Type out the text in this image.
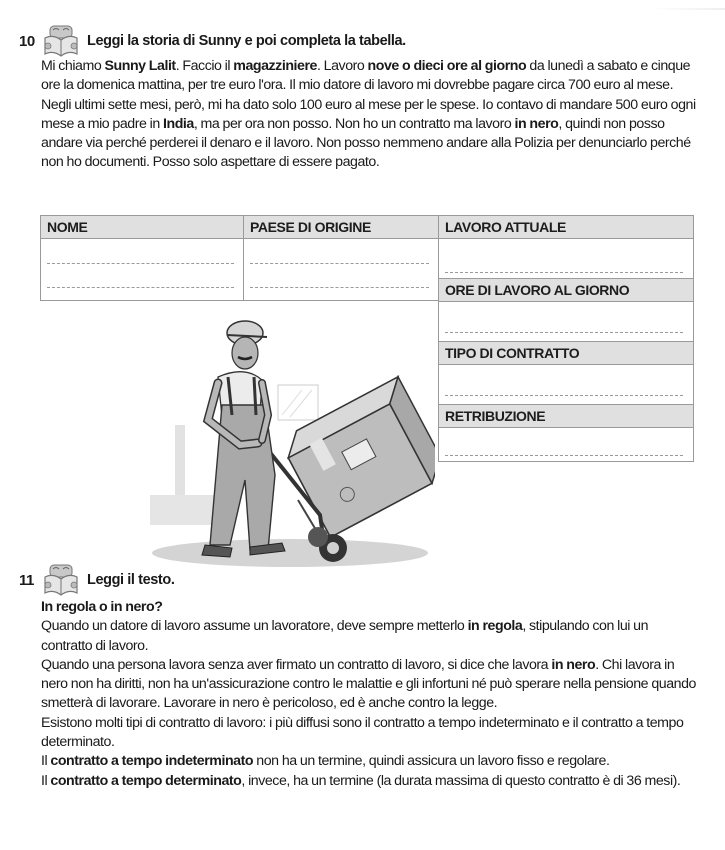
10	Leggi la storia di Sunny e poi completa la tabella.
Mi chiamo Sunny Lalit. Faccio il magazziniere. Lavoro nove o dieci ore al giorno da lunedì a sabato e cinque ore la domenica mattina, per tre euro l'ora. Il mio datore di lavoro mi dovrebbe pagare circa 700 euro al mese. Negli ultimi sette mesi, però, mi ha dato solo 100 euro al mese per le spese. Io contavo di mandare 500 euro ogni mese a mio padre in India, ma per ora non posso. Non ho un contratto ma lavoro in nero, quindi non posso andare via perché perderei il denaro e il lavoro. Non posso nemmeno andare alla Polizia per denunciarlo perché non ho documenti. Posso solo aspettare di essere pagato.
NOME	PAESE DI ORIGINE	LAVORO ATTUALE
ORE DI LAVORO AL GIORNO
TIPO DI CONTRATTO
RETRIBUZIONE
11	Leggi il testo.

In regola o in nero?

Quando un datore di lavoro assume un lavoratore, deve sempre metterlo in regola, stipulando con lui un contratto di lavoro.

Quando una persona lavora senza aver firmato un contratto di lavoro, si dice che lavora in nero. Chi lavora in nero non ha diritti, non ha un'assicurazione contro le malattie e gli infortuni né può sperare nella pensione quando smetterà di lavorare. Lavorare in nero è pericoloso, ed è anche contro la legge.

Esistono molti tipi di contratto di lavoro: i più diffusi sono il contratto a tempo indeterminato e il contratto a tempo determinato.

Il contratto a tempo indeterminato non ha un termine, quindi assicura un lavoro fisso e regolare.

Il contratto a tempo determinato, invece, ha un termine (la durata massima di questo contratto è di 36 mesi).
